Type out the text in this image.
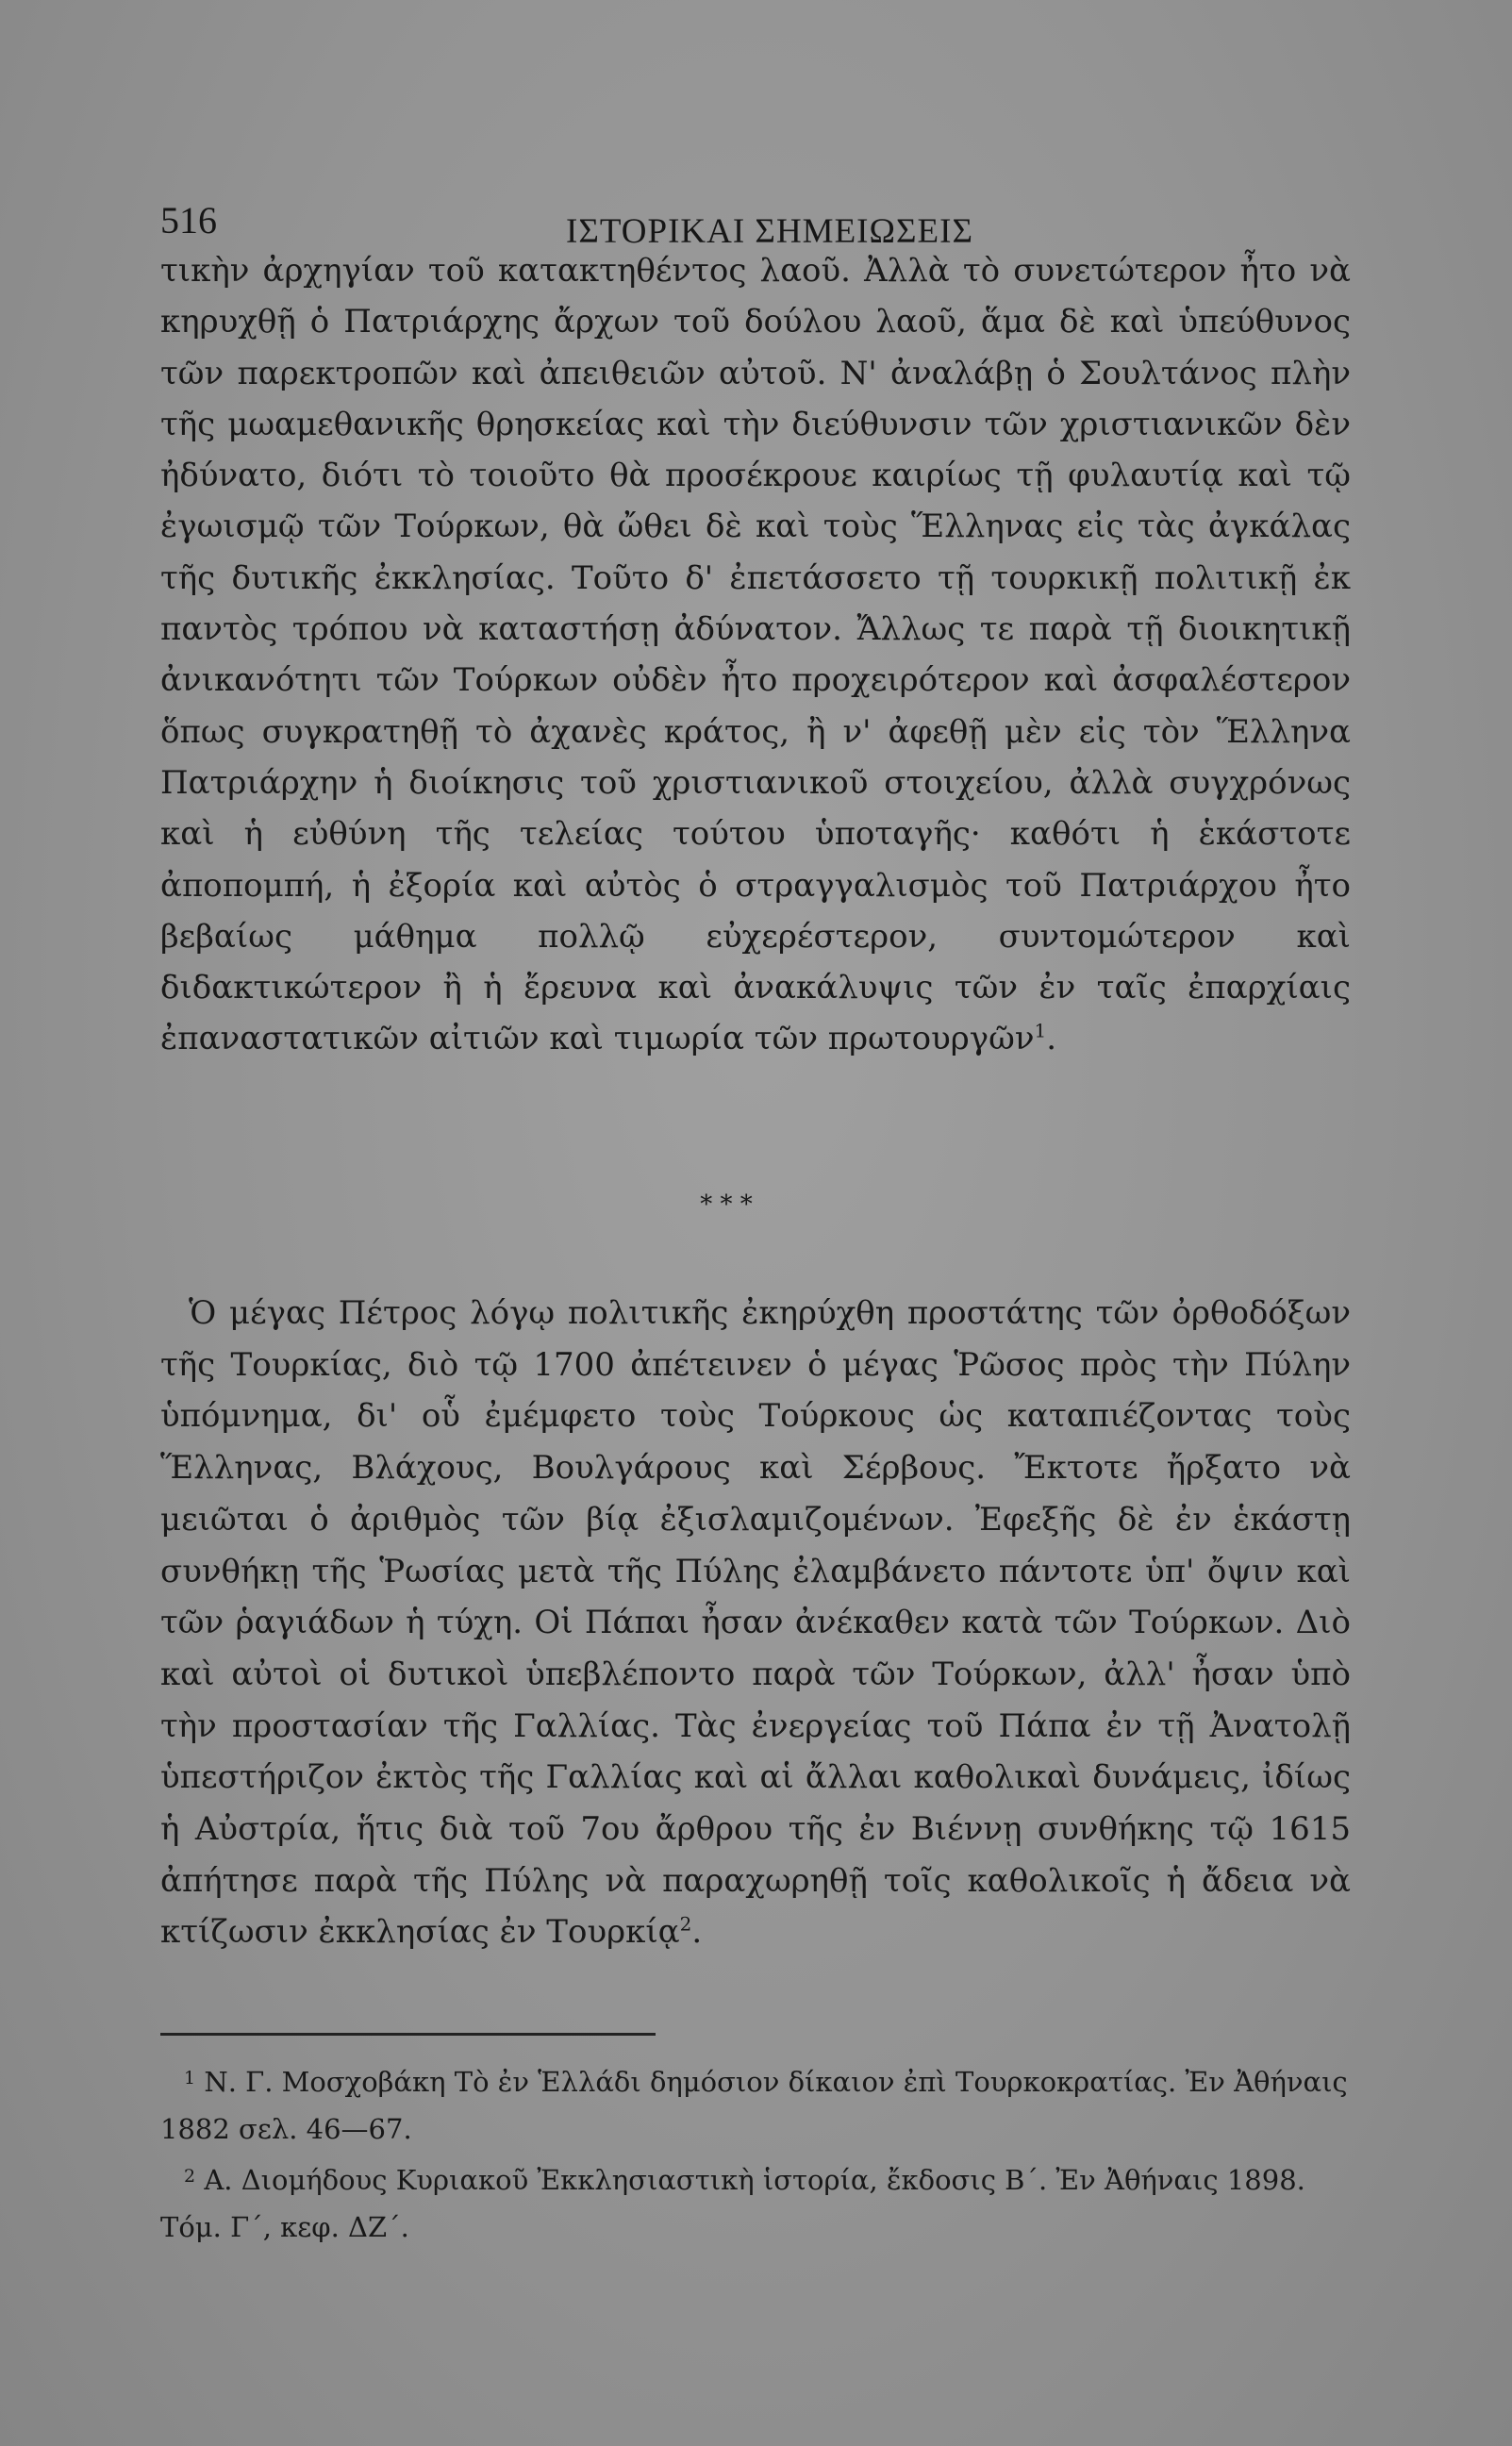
516	ΙΣΤΟΡΙΚΑΙ ΣΗΜΕΙΩΣΕΙΣ

τικὴν ἀρχηγίαν τοῦ κατακτηθέντος λαοῦ. Ἀλλὰ τὸ συνετώτερον ἦτο νὰ κηρυχθῇ ὁ Πατριάρχης ἄρχων τοῦ δούλου λαοῦ, ἅμα δὲ καὶ ὑπεύθυνος τῶν παρεκτροπῶν καὶ ἀπειθειῶν αὐτοῦ. Ν' ἀναλάβῃ ὁ Σουλτάνος πλὴν τῆς μωαμεθανικῆς θρησκείας καὶ τὴν διεύθυνσιν τῶν χριστιανικῶν δὲν ἠδύνατο, διότι τὸ τοιοῦτο θὰ προσέκρουε καιρίως τῇ φυλαυτίᾳ καὶ τῷ ἐγωισμῷ τῶν Τούρκων, θὰ ὤθει δὲ καὶ τοὺς Ἕλληνας εἰς τὰς ἀγκάλας τῆς δυτικῆς ἐκκλησίας. Τοῦτο δ' ἐπετάσσετο τῇ τουρκικῇ πολιτικῇ ἐκ παντὸς τρόπου νὰ καταστήσῃ ἀδύνατον. Ἄλλως τε παρὰ τῇ διοικητικῇ ἀνικανότητι τῶν Τούρκων οὐδὲν ἦτο προχειρότερον καὶ ἀσφαλέστερον ὅπως συγκρατηθῇ τὸ ἀχανὲς κράτος, ἢ ν' ἀφεθῇ μὲν εἰς τὸν Ἕλληνα Πατριάρχην ἡ διοίκησις τοῦ χριστιανικοῦ στοιχείου, ἀλλὰ συγχρόνως καὶ ἡ εὐθύνη τῆς τελείας τούτου ὑποταγῆς· καθότι ἡ ἑκάστοτε ἀποπομπή, ἡ ἐξορία καὶ αὐτὸς ὁ στραγγαλισμὸς τοῦ Πατριάρχου ἦτο βεβαίως μάθημα πολλῷ εὐχερέστερον, συντομώτερον καὶ διδακτικώτερον ἢ ἡ ἔρευνα καὶ ἀνακάλυψις τῶν ἐν ταῖς ἐπαρχίαις ἐπαναστατικῶν αἰτιῶν καὶ τιμωρία τῶν πρωτουργῶν$^1$.

* * *

Ὁ μέγας Πέτρος λόγῳ πολιτικῆς ἐκηρύχθη προστάτης τῶν ὀρθοδόξων τῆς Τουρκίας, διὸ τῷ 1700 ἀπέτεινεν ὁ μέγας Ῥῶσος πρὸς τὴν Πύλην ὑπόμνημα, δι' οὗ ἐμέμφετο τοὺς Τούρκους ὡς καταπιέζοντας τοὺς Ἕλληνας, Βλάχους, Βουλγάρους καὶ Σέρβους. Ἔκτοτε ἤρξατο νὰ μειῶται ὁ ἀριθμὸς τῶν βίᾳ ἐξισλαμιζομένων. Ἐφεξῆς δὲ ἐν ἑκάστῃ συνθήκῃ τῆς Ῥωσίας μετὰ τῆς Πύλης ἐλαμβάνετο πάντοτε ὑπ' ὄψιν καὶ τῶν ῥαγιάδων ἡ τύχη. Οἱ Πάπαι ἦσαν ἀνέκαθεν κατὰ τῶν Τούρκων. Διὸ καὶ αὐτοὶ οἱ δυτικοὶ ὑπεβλέποντο παρὰ τῶν Τούρκων, ἀλλ' ἦσαν ὑπὸ τὴν προστασίαν τῆς Γαλλίας. Τὰς ἐνεργείας τοῦ Πάπα ἐν τῇ Ἀνατολῇ ὑπεστήριζον ἐκτὸς τῆς Γαλλίας καὶ αἱ ἄλλαι καθολικαὶ δυνάμεις, ἰδίως ἡ Αὐστρία, ἥτις διὰ τοῦ 7ου ἄρθρου τῆς ἐν Βιέννῃ συνθήκης τῷ 1615 ἀπήτησε παρὰ τῆς Πύλης νὰ παραχωρηθῇ τοῖς καθολικοῖς ἡ ἄδεια νὰ κτίζωσιν ἐκκλησίας ἐν Τουρκίᾳ$^2$.

$^1$ Ν. Γ. Μοσχοβάκη Τὸ ἐν Ἑλλάδι δημόσιον δίκαιον ἐπὶ Τουρκοκρατίας. Ἐν Ἀθήναις 1882 σελ. 46—67.

$^2$ Α. Διομήδους Κυριακοῦ Ἐκκλησιαστικὴ ἱστορία, ἔκδοσις Β΄. Ἐν Ἀθήναις 1898. Τόμ. Γ΄, κεφ. ΔΖ΄.
